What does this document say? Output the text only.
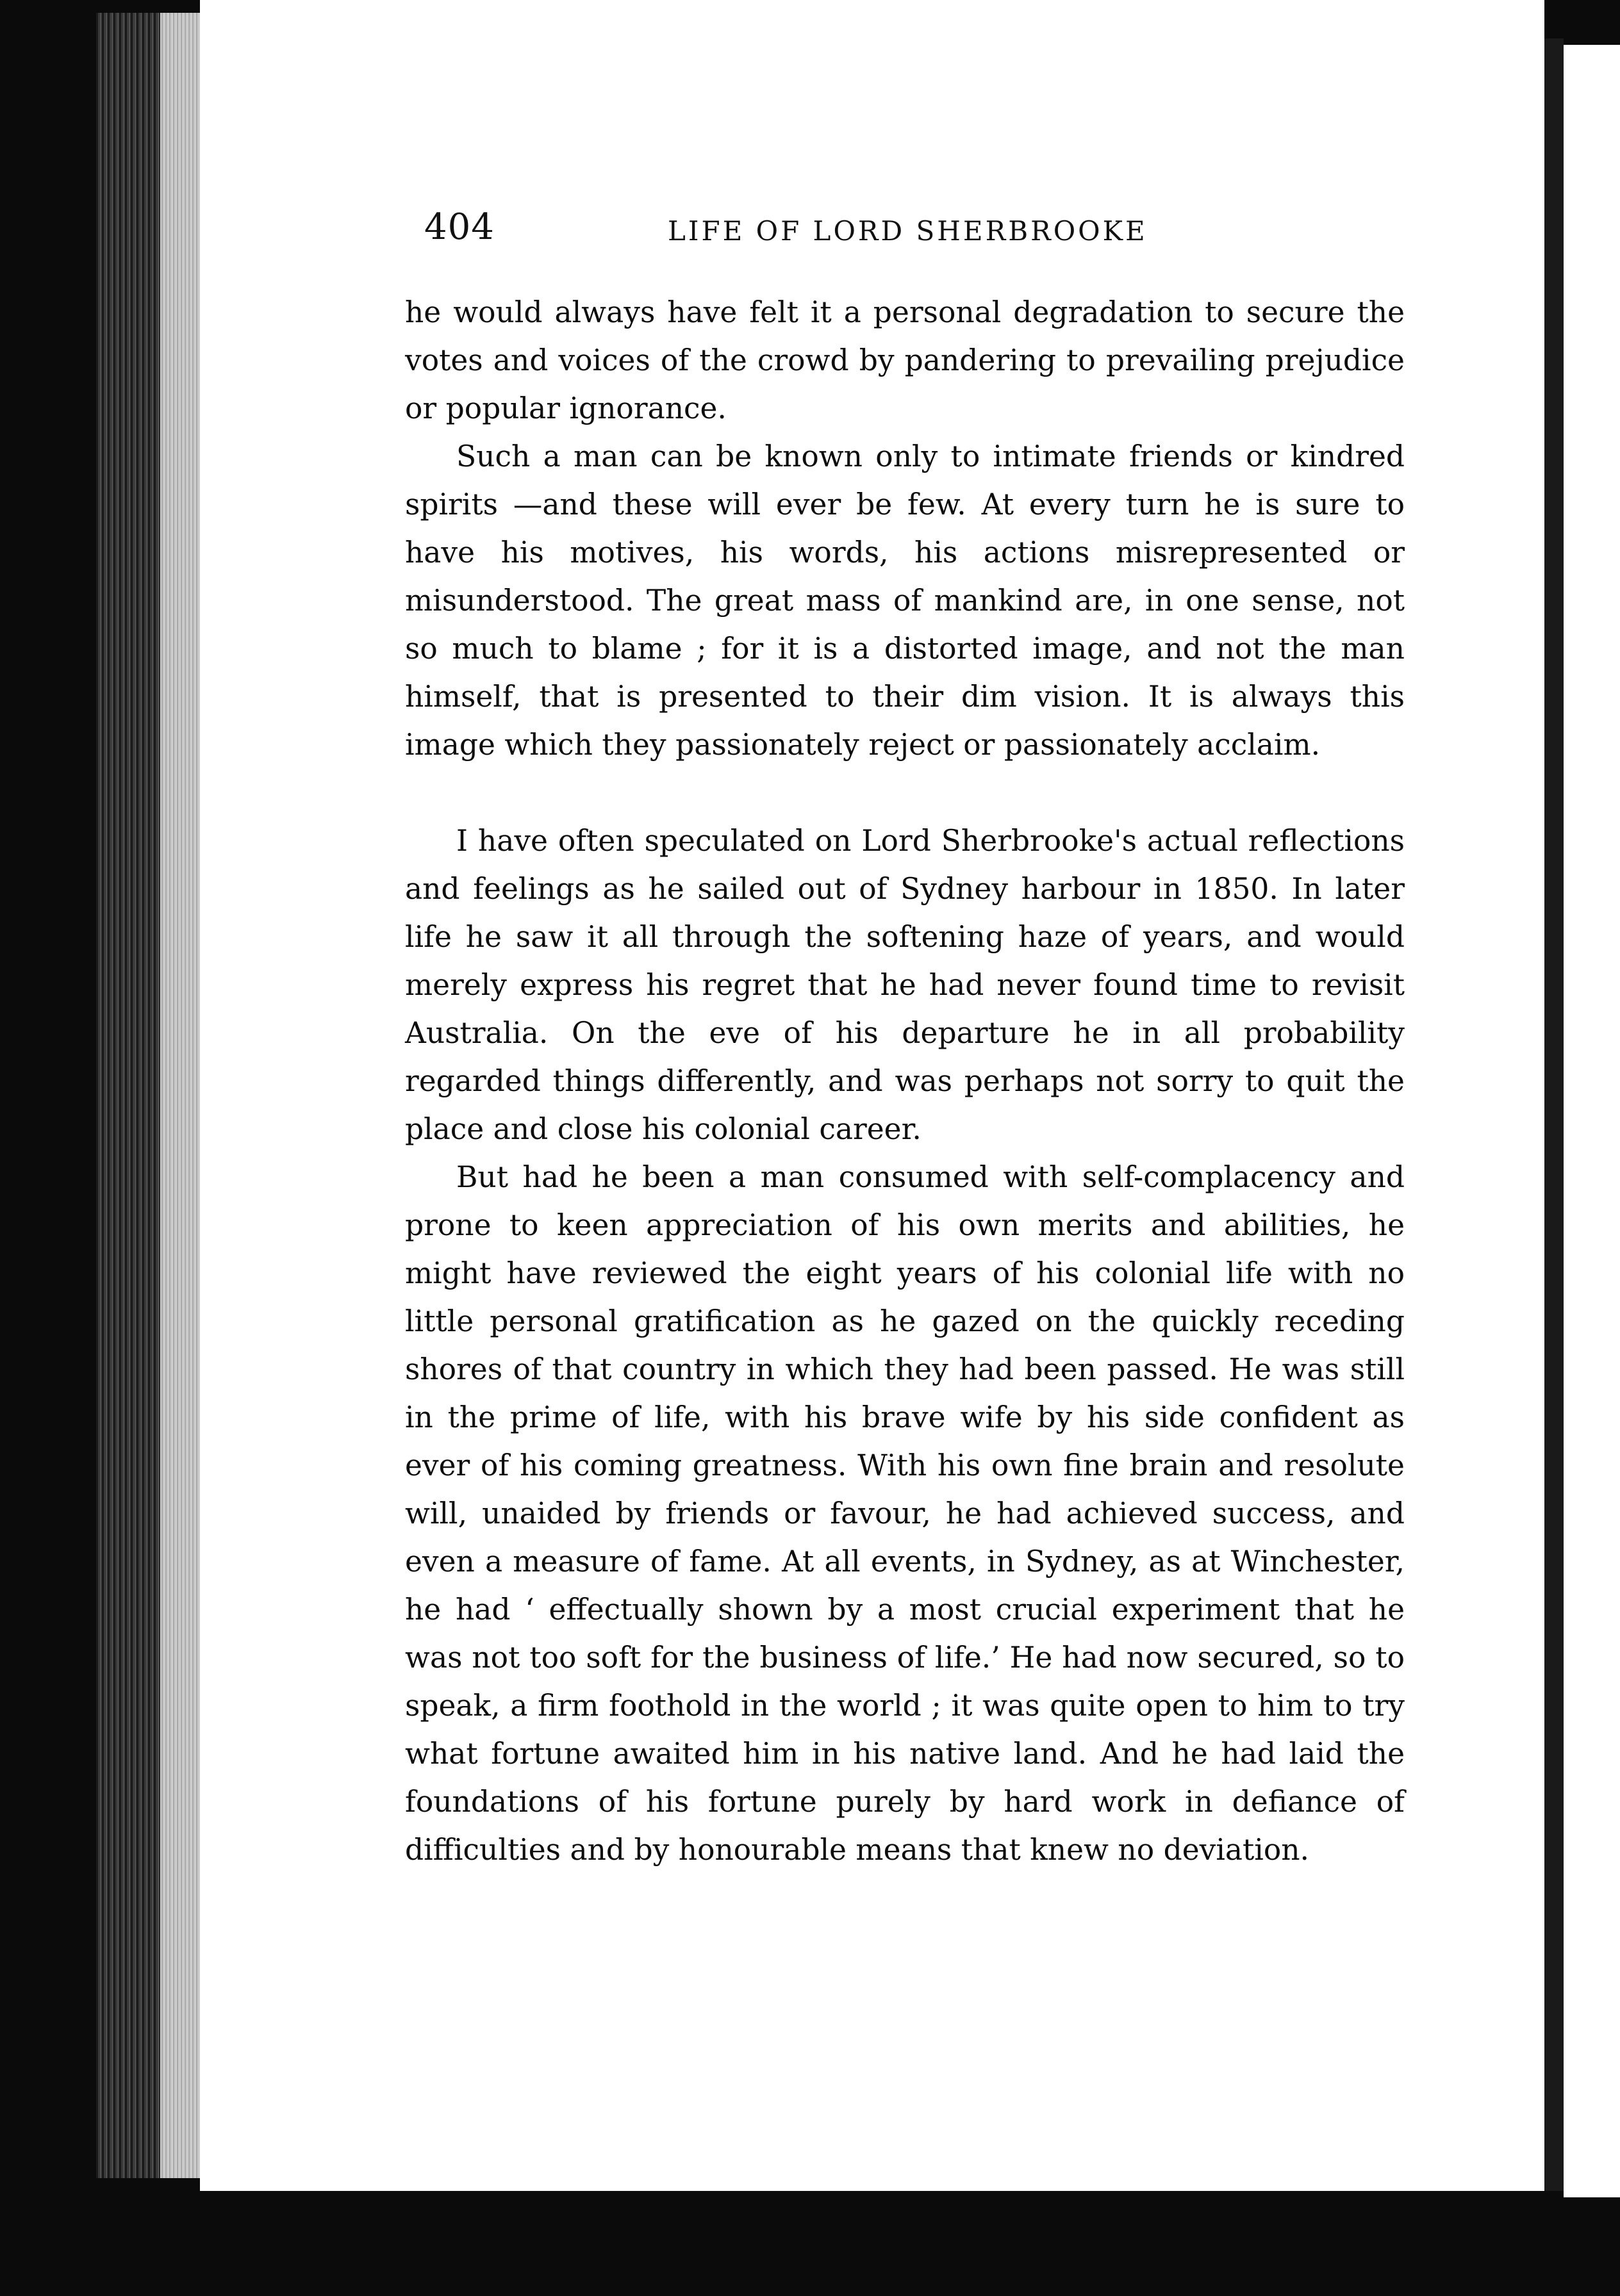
404	LIFE OF LORD SHERBROOKE

he would always have felt it a personal degradation to secure the votes and voices of the crowd by pandering to prevailing prejudice or popular ignorance.

Such a man can be known only to intimate friends or kindred spirits —and these will ever be few. At every turn he is sure to have his motives, his words, his actions misrepresented or misunderstood. The great mass of mankind are, in one sense, not so much to blame ; for it is a distorted image, and not the man himself, that is presented to their dim vision. It is always this image which they passionately reject or passionately acclaim.

I have often speculated on Lord Sherbrooke's actual reflections and feelings as he sailed out of Sydney harbour in 1850. In later life he saw it all through the softening haze of years, and would merely express his regret that he had never found time to revisit Australia. On the eve of his departure he in all probability regarded things differently, and was perhaps not sorry to quit the place and close his colonial career.

But had he been a man consumed with self-complacency and prone to keen appreciation of his own merits and abilities, he might have reviewed the eight years of his colonial life with no little personal gratification as he gazed on the quickly receding shores of that country in which they had been passed. He was still in the prime of life, with his brave wife by his side confident as ever of his coming greatness. With his own fine brain and resolute will, unaided by friends or favour, he had achieved success, and even a measure of fame. At all events, in Sydney, as at Winchester, he had ‘ effectually shown by a most crucial experiment that he was not too soft for the business of life.’ He had now secured, so to speak, a firm foothold in the world ; it was quite open to him to try what fortune awaited him in his native land. And he had laid the foundations of his fortune purely by hard work in defiance of difficulties and by honourable means that knew no deviation.
